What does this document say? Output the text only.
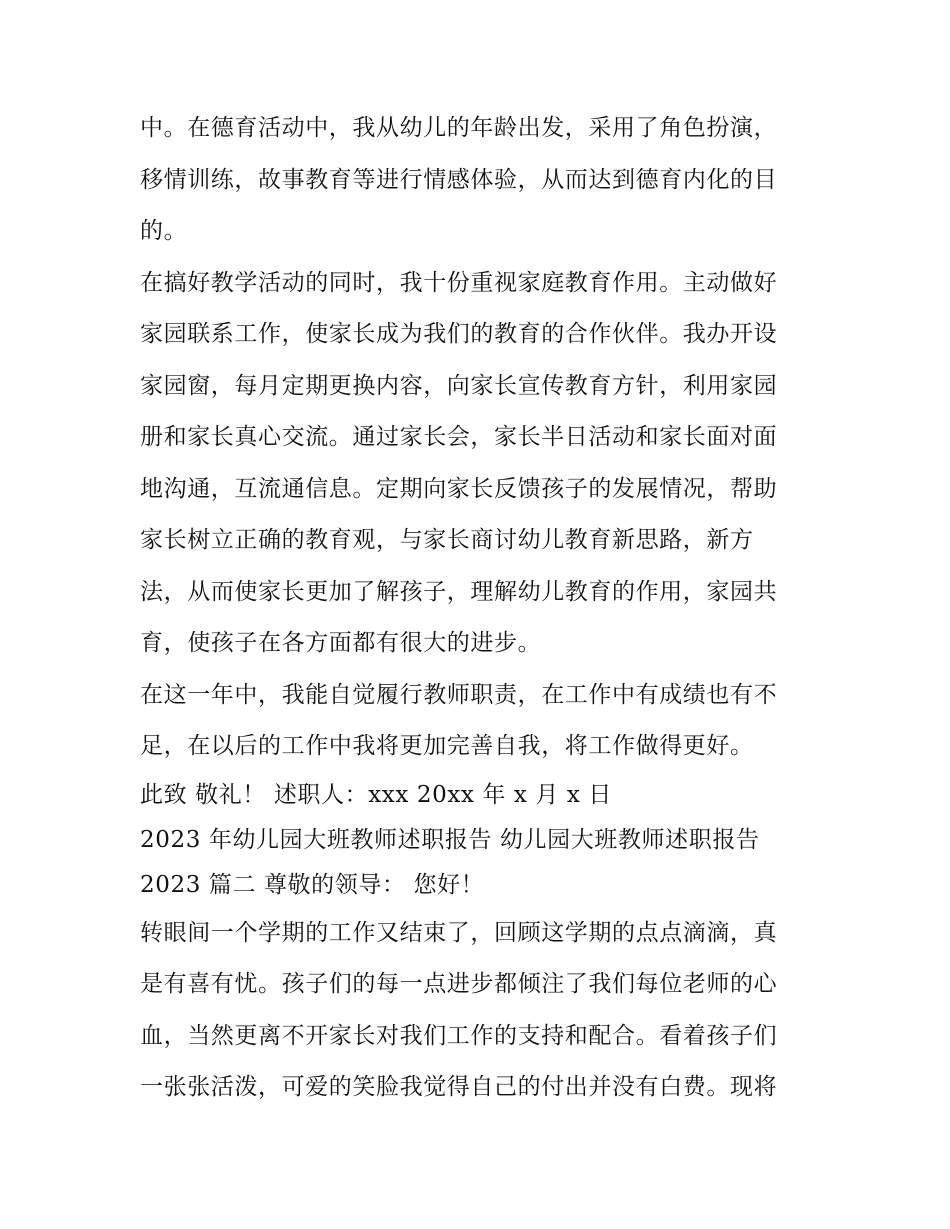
中。在德育活动中，我从幼儿的年龄出发，采用了角色扮演，
移情训练，故事教育等进行情感体验，从而达到德育内化的目
的。
在搞好教学活动的同时，我十份重视家庭教育作用。主动做好
家园联系工作，使家长成为我们的教育的合作伙伴。我办开设
家园窗，每月定期更换内容，向家长宣传教育方针，利用家园
册和家长真心交流。通过家长会，家长半日活动和家长面对面
地沟通，互流通信息。定期向家长反馈孩子的发展情况，帮助
家长树立正确的教育观，与家长商讨幼儿教育新思路，新方
法，从而使家长更加了解孩子，理解幼儿教育的作用，家园共
育，使孩子在各方面都有很大的进步。
在这一年中，我能自觉履行教师职责，在工作中有成绩也有不
足，在以后的工作中我将更加完善自我，将工作做得更好。
此致 敬礼！ 述职人：xxx 20xx 年 x 月 x 日
2023 年幼儿园大班教师述职报告 幼儿园大班教师述职报告
2023 篇二 尊敬的领导： 您好！
转眼间一个学期的工作又结束了，回顾这学期的点点滴滴，真
是有喜有忧。孩子们的每一点进步都倾注了我们每位老师的心
血，当然更离不开家长对我们工作的支持和配合。看着孩子们
一张张活泼，可爱的笑脸我觉得自己的付出并没有白费。现将
